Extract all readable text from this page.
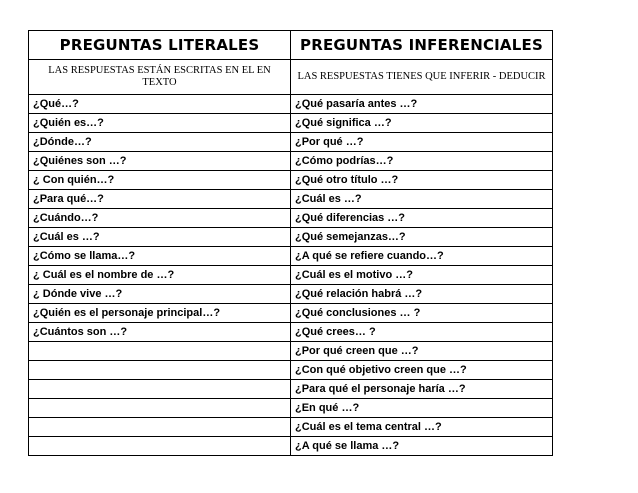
PREGUNTAS LITERALES	PREGUNTAS INFERENCIALES
LAS RESPUESTAS ESTÁN ESCRITAS EN EL EN TEXTO	LAS RESPUESTAS TIENES QUE INFERIR - DEDUCIR
¿Qué…?	¿Qué pasaría antes …?
¿Quién es…?	¿Qué significa …?
¿Dónde…?	¿Por qué …?
¿Quiénes son …?	¿Cómo podrías…?
¿ Con quién…?	¿Qué otro título …?
¿Para qué…?	¿Cuál es …?
¿Cuándo…?	¿Qué diferencias …?
¿Cuál es …?	¿Qué semejanzas…?
¿Cómo se llama…?	¿A qué se refiere cuando…?
¿ Cuál es el nombre de …?	¿Cuál es el motivo …?
¿ Dónde vive …?	¿Qué relación habrá …?
¿Quién es el personaje principal…?	¿Qué conclusiones … ?
¿Cuántos son …?	¿Qué crees… ?
	¿Por qué creen que …?
	¿Con qué objetivo creen que …?
	¿Para qué el personaje haría …?
	¿En qué …?
	¿Cuál es el tema central …?
	¿A qué se llama …?
